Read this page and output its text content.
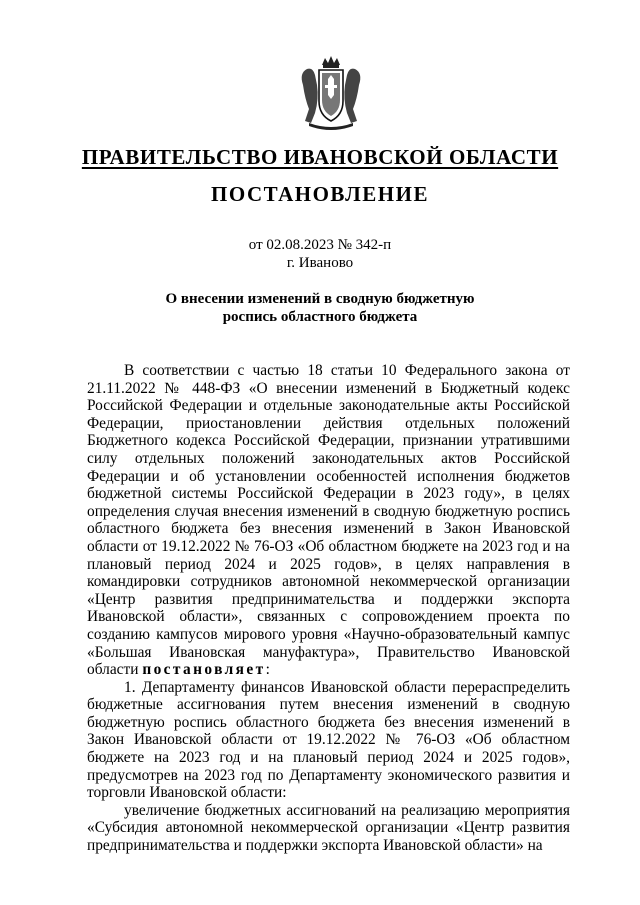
ПРАВИТЕЛЬСТВО ИВАНОВСКОЙ ОБЛАСТИ
ПОСТАНОВЛЕНИЕ
от 02.08.2023 № 342-п
г. Иваново
О внесении изменений в сводную бюджетную роспись областного бюджета

В соответствии с частью 18 статьи 10 Федерального закона от 21.11.2022 № 448-ФЗ «О внесении изменений в Бюджетный кодекс Российской Федерации и отдельные законодательные акты Российской Федерации, приостановлении действия отдельных положений Бюджетного кодекса Российской Федерации, признании утратившими силу отдельных положений законодательных актов Российской Федерации и об установлении особенностей исполнения бюджетов бюджетной системы Российской Федерации в 2023 году», в целях определения случая внесения изменений в сводную бюджетную роспись областного бюджета без внесения изменений в Закон Ивановской области от 19.12.2022 № 76-ОЗ «Об областном бюджете на 2023 год и на плановый период 2024 и 2025 годов», в целях направления в командировки сотрудников автономной некоммерческой организации «Центр развития предпринимательства и поддержки экспорта Ивановской области», связанных с сопровождением проекта по созданию кампусов мирового уровня «Научно-образовательный кампус «Большая Ивановская мануфактура», Правительство Ивановской области постановляет:

1. Департаменту финансов Ивановской области перераспределить бюджетные ассигнования путем внесения изменений в сводную бюджетную роспись областного бюджета без внесения изменений в Закон Ивановской области от 19.12.2022 № 76-ОЗ «Об областном бюджете на 2023 год и на плановый период 2024 и 2025 годов», предусмотрев на 2023 год по Департаменту экономического развития и торговли Ивановской области:

увеличение бюджетных ассигнований на реализацию мероприятия «Субсидия автономной некоммерческой организации «Центр развития предпринимательства и поддержки экспорта Ивановской области» на
